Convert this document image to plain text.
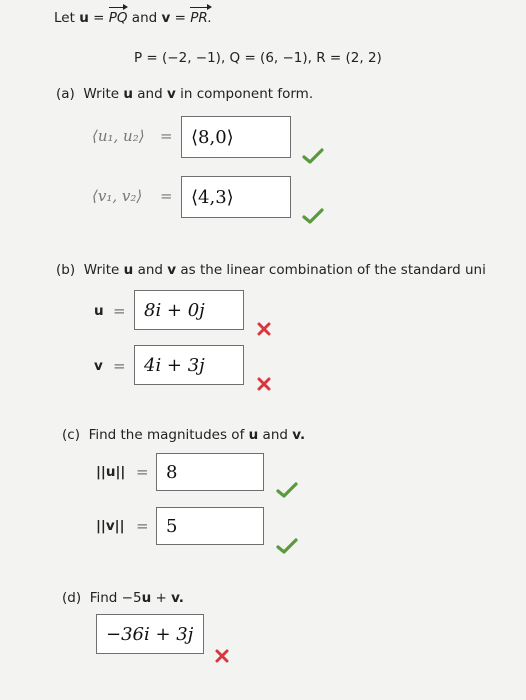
Let u = PQ and v = PR.
P = (−2, −1), Q = (6, −1), R = (2, 2)
(a) Write u and v in component form.
⟨u₁, u₂⟩ =	⟨8,0⟩
⟨v₁, v₂⟩ =	⟨4,3⟩
(b) Write u and v as the linear combination of the standard uni
u =	8i + 0j
v =	4i + 3j
(c) Find the magnitudes of u and v.
||u|| = 8
||v|| = 5
(d) Find −5u + v.
−36i + 3j
